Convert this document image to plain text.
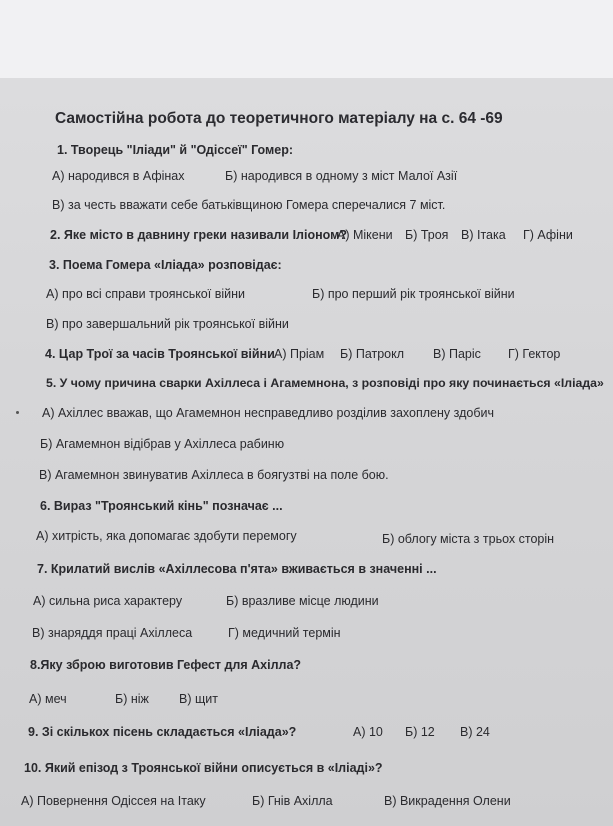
Самостійна робота до теоретичного матеріалу на с. 64 -69
1. Творець "Іліади" й "Одіссеї" Гомер:
А) народився в Афінах	Б) народився в одному з міст Малої Азії
В) за честь вважати себе батьківщиною Гомера сперечалися 7 міст.
2. Яке місто в давнину греки називали Іліоном?
А) Мікени Б) Троя В) Ітака Г) Афіни
3. Поема Гомера «Іліада» розповідає:
А) про всі справи троянської війни	Б) про перший рік троянської війни
В) про завершальний рік троянської війни
4. Цар Трої за часів Троянської війни А) Пріам Б) Патрокл В) Паріс Г) Гектор
5. У чому причина сварки Ахіллеса і Агамемнона, з розповіді про яку починається «Іліада»
А) Ахіллес вважав, що Агамемнон несправедливо розділив захоплену здобич
Б) Агамемнон відібрав у Ахіллеса рабиню
В) Агамемнон звинуватив Ахіллеса в боягузтві на поле бою.
6. Вираз "Троянський кінь" позначає ...
А) хитрість, яка допомагає здобути перемогу	Б) облогу міста з трьох сторін
7. Крилатий вислів «Ахіллесова п'ята» вживається в значенні ...
А) сильна риса характеру	Б) вразливе місце людини
В) знаряддя праці Ахіллеса	Г) медичний термін
8.Яку зброю виготовив Гефест для Ахілла?
А) меч	Б) ніж В) щит
9. Зі скількох пісень складається «Іліада»?	А) 10 Б) 12 В) 24
10. Який епізод з Троянської війни описується в «Іліаді»?
А) Повернення Одіссея на Ітаку	Б) Гнів Ахілла	В) Викрадення Олени
